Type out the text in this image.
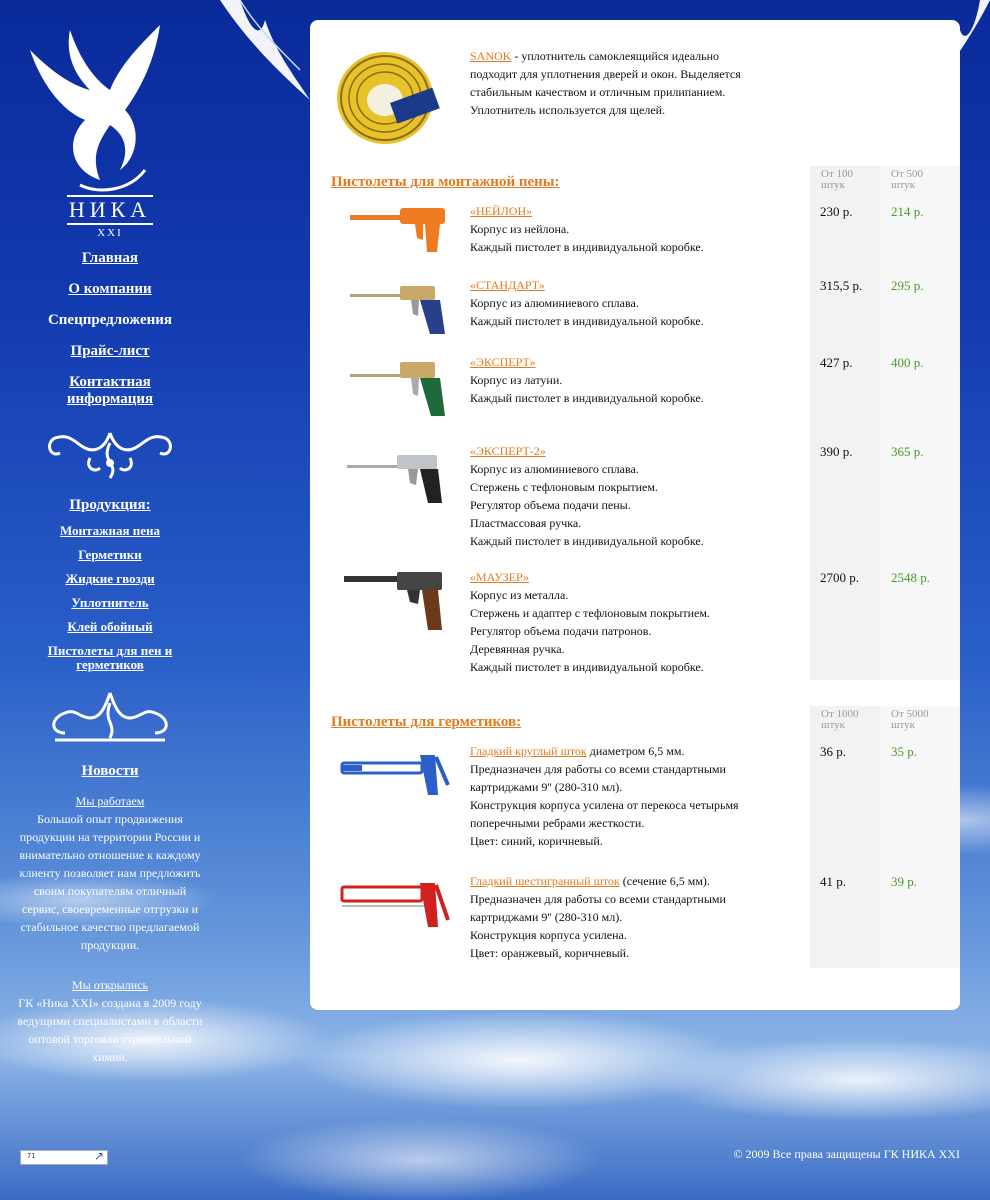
НИКА
XXI
Главная
О компании
Спецпредложения
Прайс-лист
Контактная информация
Продукция:
Монтажная пена
Герметики
Жидкие гвозди
Уплотнитель
Клей обойный
Пистолеты для пен и герметиков
Новости
Мы работаем
Большой опыт продвижения продукции на территории России и внимательно отношение к каждому клиенту позволяет нам предложить своим покупателям отличный сервис, своевременные отгрузки и стабильное качество предлагаемой продукции.
Мы открылись
ГК «Ника XXI» создана в 2009 году ведущими специалистами в области оптовой торговли строительной химии.
71	↗	© 2009 Все права защищены ГК НИКА XXI
SANOK - уплотнитель самоклеящийся идеально
подходит для уплотнения дверей и окон. Выделяется
стабильным качеством и отличным прилипанием.
Уплотнитель используется для щелей.
От 100 штук
От 500 штук
Пистолеты для монтажной пены:
«НЕЙЛОН»
Корпус из нейлона.
Каждый пистолет в индивидуальной коробке.
230 р.	214 р.
«СТАНДАРТ»
Корпус из алюминиевого сплава.
Каждый пистолет в индивидуальной коробке.
315,5 р. 295 р.
«ЭКСПЕРТ»
Корпус из латуни.
Каждый пистолет в индивидуальной коробке.
427 р.	400 р.
«ЭКСПЕРТ-2»
Корпус из алюминиевого сплава.
Стержень с тефлоновым покрытием.
Регулятор объема подачи пены.
Пластмассовая ручка.
Каждый пистолет в индивидуальной коробке.
390 р.	365 р.
«МАУЗЕР»
Корпус из металла.
Стержень и адаптер с тефлоновым покрытием.
Регулятор объема подачи патронов.
Деревянная ручка.
Каждый пистолет в индивидуальной коробке.
2700 р. 2548 р.
От 1000 штук
От 5000 штук
Пистолеты для герметиков:
Гладкий круглый шток диаметром 6,5 мм.
Предназначен для работы со всеми стандартными
картриджами 9'' (280-310 мл).
Конструкция корпуса усилена от перекоса четырьмя
поперечными ребрами жесткости.
Цвет: синий, коричневый.
36 р.	35 р.
Гладкий шестигранный шток (сечение 6,5 мм).
Предназначен для работы со всеми стандартными
картриджами 9'' (280-310 мл).
Конструкция корпуса усилена.
Цвет: оранжевый, коричневый.
41 р.	39 р.
